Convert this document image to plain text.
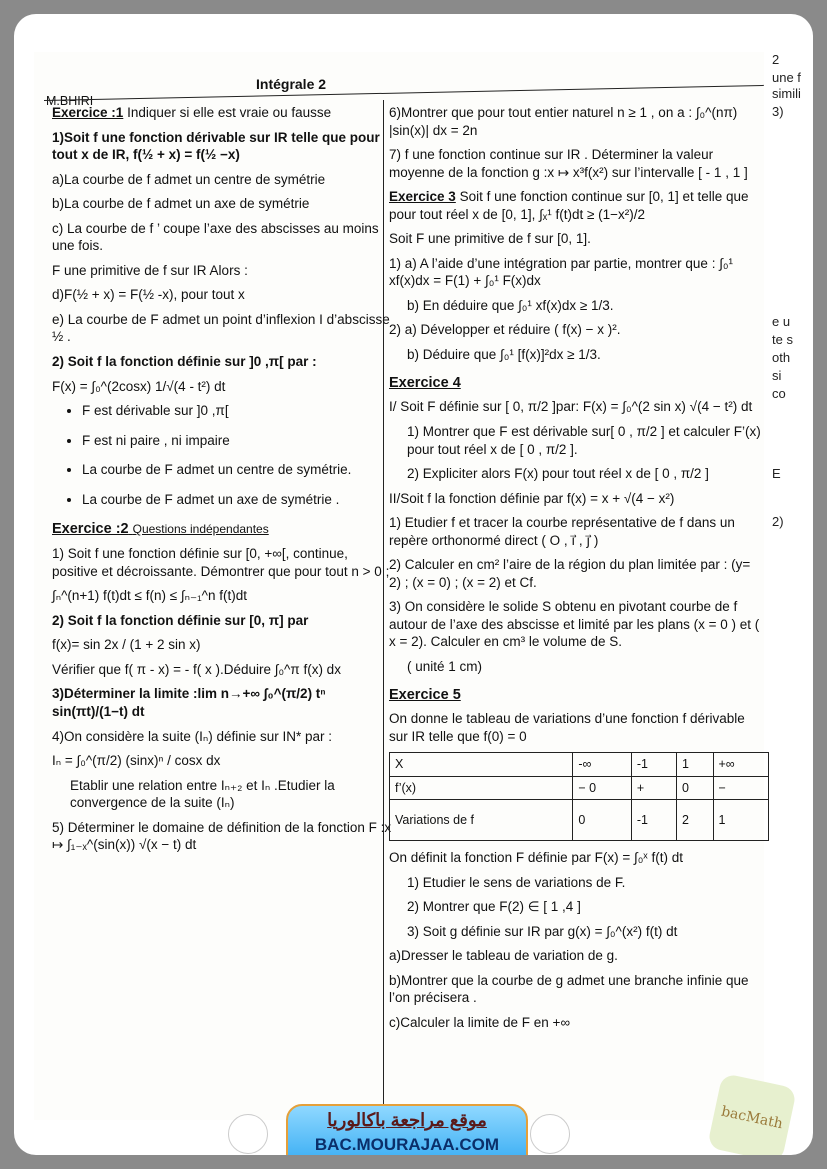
Intégrale 2
M.BHIRI

Exercice :1 Indiquer si elle est vraie ou fausse

1)Soit f une fonction dérivable sur IR telle que pour tout x de IR, f(½ + x) = f(½ −x)

a)La courbe de f admet un centre de symétrie

b)La courbe de f admet un axe de symétrie

c) La courbe de f ’ coupe l’axe des abscisses au moins une fois.

F une primitive de f sur IR Alors :

d)F(½ + x) = F(½ -x), pour tout x

e) La courbe de F admet un point d’inflexion I d’abscisse ½ .

2) Soit f la fonction définie sur ]0 ,π[ par :

F(x) = ∫₀^(2cosx) 1/√(4 - t²) dt

• F est dérivable sur ]0 ,π[
• F est ni paire , ni impaire
• La courbe de F admet un centre de symétrie.
• La courbe de F admet un axe de symétrie .
Exercice :2 Questions indépendantes

1) Soit f une fonction définie sur [0, +∞[, continue, positive et décroissante. Démontrer que pour tout n > 0 ;

∫ₙ^(n+1) f(t)dt ≤ f(n) ≤ ∫ₙ₋₁^n f(t)dt

2) Soit f la fonction définie sur [0, π] par

f(x)= sin 2x / (1 + 2 sin x)

Vérifier que f( π - x) = - f( x ).Déduire ∫₀^π f(x) dx

3)Déterminer la limite :lim n→+∞ ∫₀^(π/2) tⁿ sin(πt)/(1−t) dt

4)On considère la suite (Iₙ) définie sur IN* par :

Iₙ = ∫₀^(π/2) (sinx)ⁿ / cosx dx

Etablir une relation entre Iₙ₊₂ et Iₙ .Etudier la convergence de la suite (Iₙ)

5) Déterminer le domaine de définition de la fonction F :x ↦ ∫₁₋ₓ^(sin(x)) √(x − t) dt

6)Montrer que pour tout entier naturel n ≥ 1 , on a : ∫₀^(nπ) |sin(x)| dx = 2n

7) f une fonction continue sur IR . Déterminer la valeur moyenne de la fonction g :x ↦ x³f(x²) sur l’intervalle [ - 1 , 1 ]

Exercice 3 Soit f une fonction continue sur [0, 1] et telle que pour tout réel x de [0, 1], ∫ₓ¹ f(t)dt ≥ (1−x²)/2

Soit F une primitive de f sur [0, 1].

1) a) A l’aide d’une intégration par partie, montrer que : ∫₀¹ xf(x)dx = F(1) + ∫₀¹ F(x)dx

b) En déduire que ∫₀¹ xf(x)dx ≥ 1/3.

2) a) Développer et réduire ( f(x) − x )².

b) Déduire que ∫₀¹ [f(x)]²dx ≥ 1/3.

Exercice 4

I/ Soit F définie sur [ 0, π/2 ]par: F(x) = ∫₀^(2 sin x) √(4 − t²) dt

1) Montrer que F est dérivable sur[ 0 , π/2 ] et calculer F’(x) pour tout réel x de [ 0 , π/2 ].

2) Expliciter alors F(x) pour tout réel x de [ 0 , π/2 ]

II/Soit f la fonction définie par f(x) = x + √(4 − x²)

1) Etudier f et tracer la courbe représentative de f dans un repère orthonormé direct ( O , i⃗ , j⃗ )

2) Calculer en cm² l’aire de la région du plan limitée par : (y= 2) ; (x = 0) ; (x = 2) et Cf.

3) On considère le solide S obtenu en pivotant courbe de f autour de l’axe des abscisse et limité par les plans (x = 0 ) et ( x = 2). Calculer en cm³ le volume de S.

( unité 1 cm)

Exercice 5

On donne le tableau de variations d’une fonction f dérivable sur IR telle que f(0) = 0

X	-∞	-1	1	+∞
f’(x)	− 0	+	0	−
Variations de f	0	-1	2	1

On définit la fonction F définie par F(x) = ∫₀ˣ f(t) dt

1) Etudier le sens de variations de F.

2) Montrer que F(2) ∈ [ 1 ,4 ]

3) Soit g définie sur IR par g(x) = ∫₀^(x²) f(t) dt

a)Dresser le tableau de variation de g.

b)Montrer que la courbe de g admet une branche infinie que l’on précisera .

c)Calculer la limite de F en +∞

2
une f
simili
3)
e u
te s
oth
si
co
E
2)
موقع مراجعة باكالوريا
BAC.MOURAJAA.COM
bacMath
